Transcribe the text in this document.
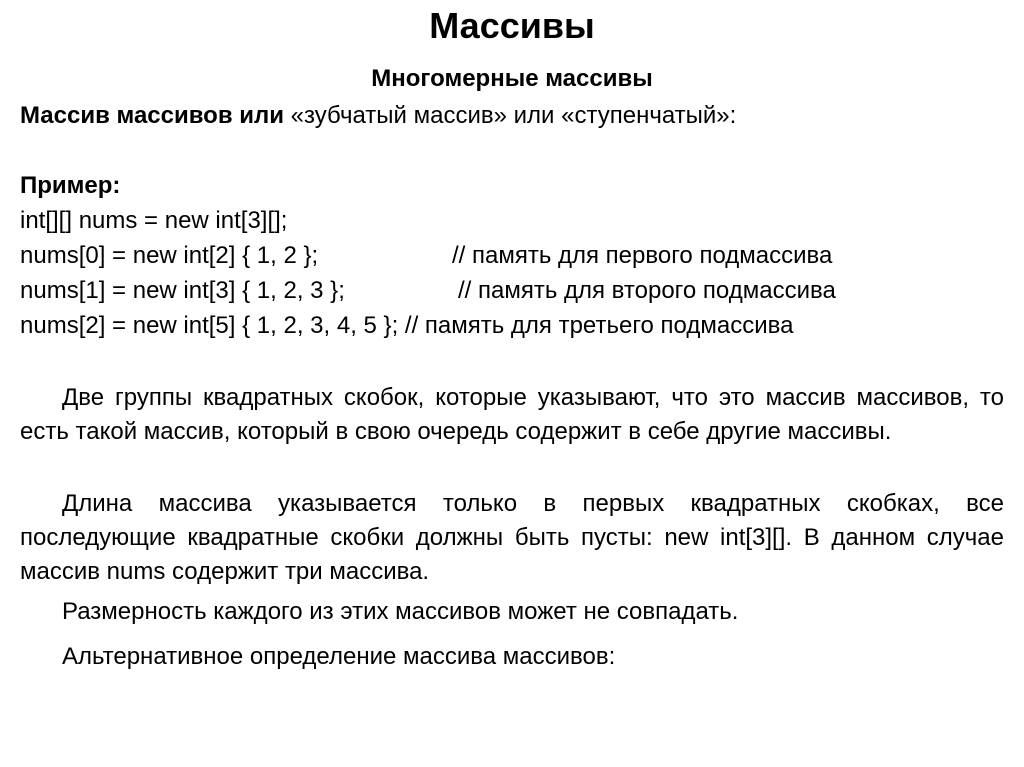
Массивы
Многомерные массивы
Массив массивов или «зубчатый массив» или «ступенчатый»:
Пример:
int[][] nums = new int[3][];
nums[0] = new int[2] { 1, 2 };	// память для первого подмассива
nums[1] = new int[3] { 1, 2, 3 };	// память для второго подмассива
nums[2] = new int[5] { 1, 2, 3, 4, 5 }; // память для третьего подмассива
Две группы квадратных скобок, которые указывают, что это массив массивов, то есть такой массив, который в свою очередь содержит в себе другие массивы.
Длина массива указывается только в первых квадратных скобках, все последующие квадратные скобки должны быть пусты: new int[3][]. В данном случае массив nums содержит три массива.
Размерность каждого из этих массивов может не совпадать.
Альтернативное определение массива массивов:
